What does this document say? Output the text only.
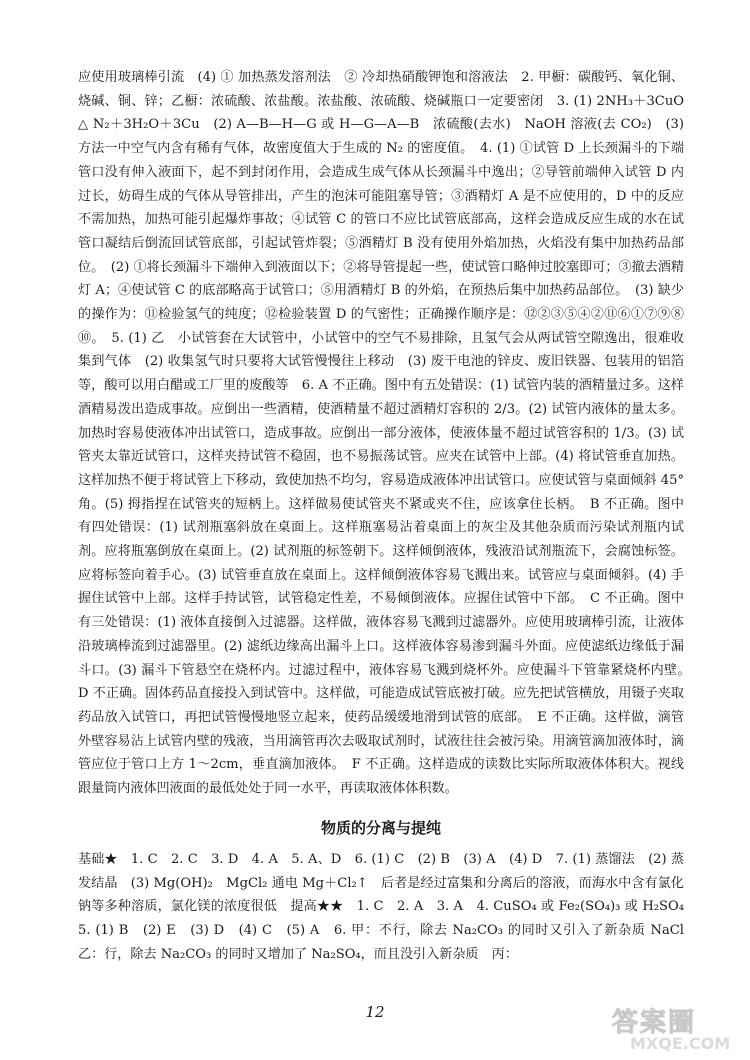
应使用玻璃棒引流　(4) ① 加热蒸发溶剂法　② 冷却热硝酸钾饱和溶液法　2. 甲橱：碳酸钙、氧化铜、烧碱、铜、锌；乙橱：浓硫酸、浓盐酸。浓盐酸、浓硫酸、烧碱瓶口一定要密闭　3. (1) 2NH₃＋3CuO △ N₂＋3H₂O＋3Cu　(2) A—B—H—G 或 H—G—A—B　浓硫酸(去水)　NaOH 溶液(去 CO₂)　(3) 方法一中空气内含有稀有气体，故密度值大于生成的 N₂ 的密度值。　4. (1) ①试管 D 上长颈漏斗的下端管口没有伸入液面下，起不到封闭作用，会造成生成气体从长颈漏斗中逸出；②导管前端伸入试管 D 内过长，妨碍生成的气体从导管排出，产生的泡沫可能阻塞导管；③酒精灯 A 是不应使用的，D 中的反应不需加热，加热可能引起爆炸事故；④试管 C 的管口不应比试管底部高，这样会造成反应生成的水在试管口凝结后倒流回试管底部，引起试管炸裂；⑤酒精灯 B 没有使用外焰加热，火焰没有集中加热药品部位。　(2) ①将长颈漏斗下端伸入到液面以下；②将导管提起一些，使试管口略伸过胶塞即可；③撤去酒精灯 A；④使试管 C 的底部略高于试管口；⑤用酒精灯 B 的外焰，在预热后集中加热药品部位。　(3) 缺少的操作为：⑪检验氢气的纯度；⑫检验装置 D 的气密性；正确操作顺序是：⑫②③⑤④②⑪⑥①⑦⑨⑧⑩。　5. (1) 乙　小试管套在大试管中，小试管中的空气不易排除，且氢气会从两试管空隙逸出，很难收集到气体　(2) 收集氢气时只要将大试管慢慢往上移动　(3) 废干电池的锌皮、废旧铁器、包装用的铝箔等，酸可以用白醋或工厂里的废酸等　6. A 不正确。图中有五处错误：(1) 试管内装的酒精量过多。这样酒精易泼出造成事故。应倒出一些酒精，使酒精量不超过酒精灯容积的 2/3。(2) 试管内液体的量太多。加热时容易使液体冲出试管口，造成事故。应倒出一部分液体，使液体量不超过试管容积的 1/3。(3) 试管夹太靠近试管口，这样夹持试管不稳固，也不易振荡试管。应夹在试管中上部。(4) 将试管垂直加热。这样加热不便于将试管上下移动，致使加热不均匀，容易造成液体冲出试管口。应使试管与桌面倾斜 45°角。(5) 拇指捏在试管夹的短柄上。这样做易使试管夹不紧或夹不住，应该拿住长柄。　B 不正确。图中有四处错误：(1) 试剂瓶塞斜放在桌面上。这样瓶塞易沾着桌面上的灰尘及其他杂质而污染试剂瓶内试剂。应将瓶塞倒放在桌面上。(2) 试剂瓶的标签朝下。这样倾倒液体，残液沿试剂瓶流下，会腐蚀标签。应将标签向着手心。(3) 试管垂直放在桌面上。这样倾倒液体容易飞溅出来。试管应与桌面倾斜。(4) 手握住试管中上部。这样手持试管，试管稳定性差，不易倾倒液体。应握住试管中下部。　C 不正确。图中有三处错误：(1) 液体直接倒入过滤器。这样做，液体容易飞溅到过滤器外。应使用玻璃棒引流，让液体沿玻璃棒流到过滤器里。(2) 滤纸边缘高出漏斗上口。这样液体容易渗到漏斗外面。应使滤纸边缘低于漏斗口。(3) 漏斗下管悬空在烧杯内。过滤过程中，液体容易飞溅到烧杯外。应使漏斗下管靠紧烧杯内壁。　D 不正确。固体药品直接投入到试管中。这样做，可能造成试管底被打破。应先把试管横放，用镊子夹取药品放入试管口，再把试管慢慢地竖立起来，使药品缓缓地滑到试管的底部。　E 不正确。这样做，滴管外壁容易沾上试管内壁的残液，当用滴管再次去吸取试剂时，试液往往会被污染。用滴管滴加液体时，滴管应位于管口上方 1～2cm，垂直滴加液体。　F 不正确。这样造成的读数比实际所取液体体积大。视线跟量筒内液体凹液面的最低处处于同一水平，再读取液体体积数。

物质的分离与提纯

基础★　1. C　2. C　3. D　4. A　5. A、D　6. (1) C　(2) B　(3) A　(4) D　7. (1) 蒸馏法　(2) 蒸发结晶　(3) Mg(OH)₂　MgCl₂ 通电 Mg＋Cl₂↑　后者是经过富集和分离后的溶液，而海水中含有氯化钠等多种溶质，氯化镁的浓度很低　提高★★　1. C　2. A　3. A　4. CuSO₄ 或 Fe₂(SO₄)₃ 或 H₂SO₄　5. (1) B　(2) E　(3) D　(4) C　(5) A　6. 甲：不行，除去 Na₂CO₃ 的同时又引入了新杂质 NaCl　乙：行，除去 Na₂CO₃ 的同时又增加了 Na₂SO₄，而且没引入新杂质　丙：

12	答案圈
MXQE.COM
